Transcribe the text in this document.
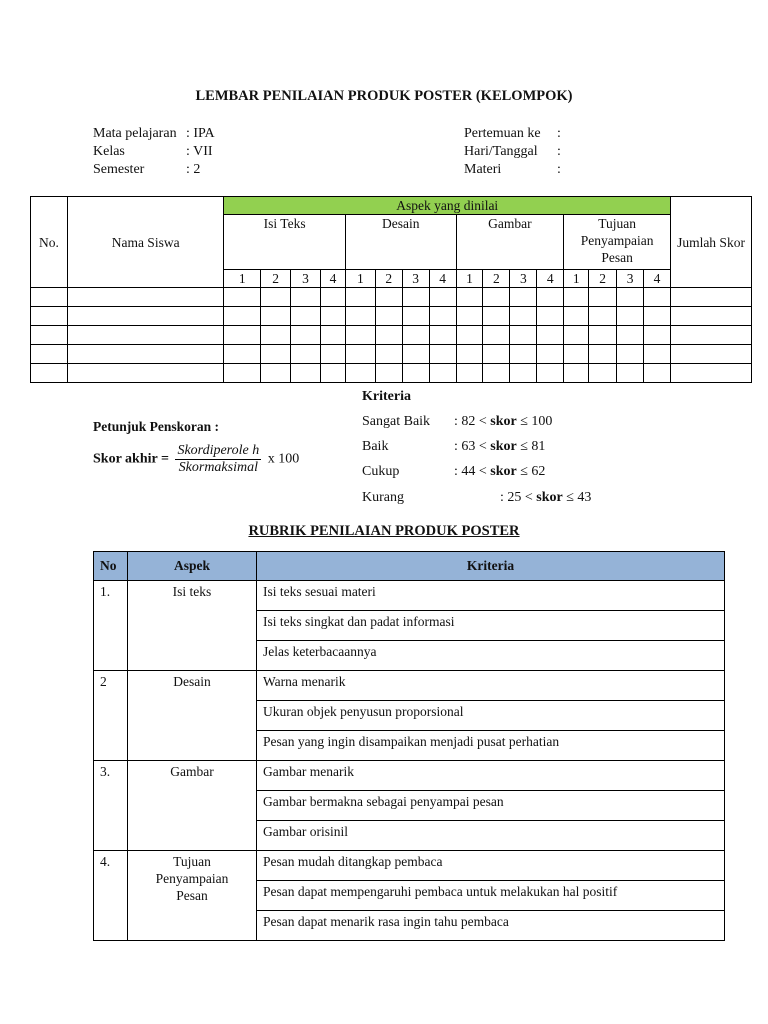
LEMBAR PENILAIAN PRODUK POSTER (KELOMPOK)
Mata pelajaran : IPA
Kelas	: VII
Semester	: 2
Pertemuan ke :
Hari/Tanggal :
Materi	:
No.	Nama Siswa	Aspek yang dinilai																Jumlah Skor
		Isi Teks				Desain				Gambar				Tujuan Penyampaian Pesan				
		1	2	3	4	1	2	3	4	1	2	3	4	1	2	3	4	

Petunjuk Penskoran :
Skor akhir = $\frac{\text{Skordiperole h}}{\text{Skormaksimal}}$ x 100
Kriteria
Sangat Baik : 82 < skor ≤ 100
Baik	: 63 < skor ≤ 81
Cukup	: 44 < skor ≤ 62
Kurang	: 25 < skor ≤ 43
RUBRIK PENILAIAN PRODUK POSTER
No	Aspek	Kriteria
1.	Isi teks	Isi teks sesuai materi
		Isi teks singkat dan padat informasi
		Jelas keterbacaannya
2	Desain	Warna menarik
		Ukuran objek penyusun proporsional
		Pesan yang ingin disampaikan menjadi pusat perhatian
3.	Gambar	Gambar menarik
		Gambar bermakna sebagai penyampai pesan
		Gambar orisinil
4.	Tujuan Penyampaian Pesan	Pesan mudah ditangkap pembaca
		Pesan dapat mempengaruhi pembaca untuk melakukan hal positif
		Pesan dapat menarik rasa ingin tahu pembaca
